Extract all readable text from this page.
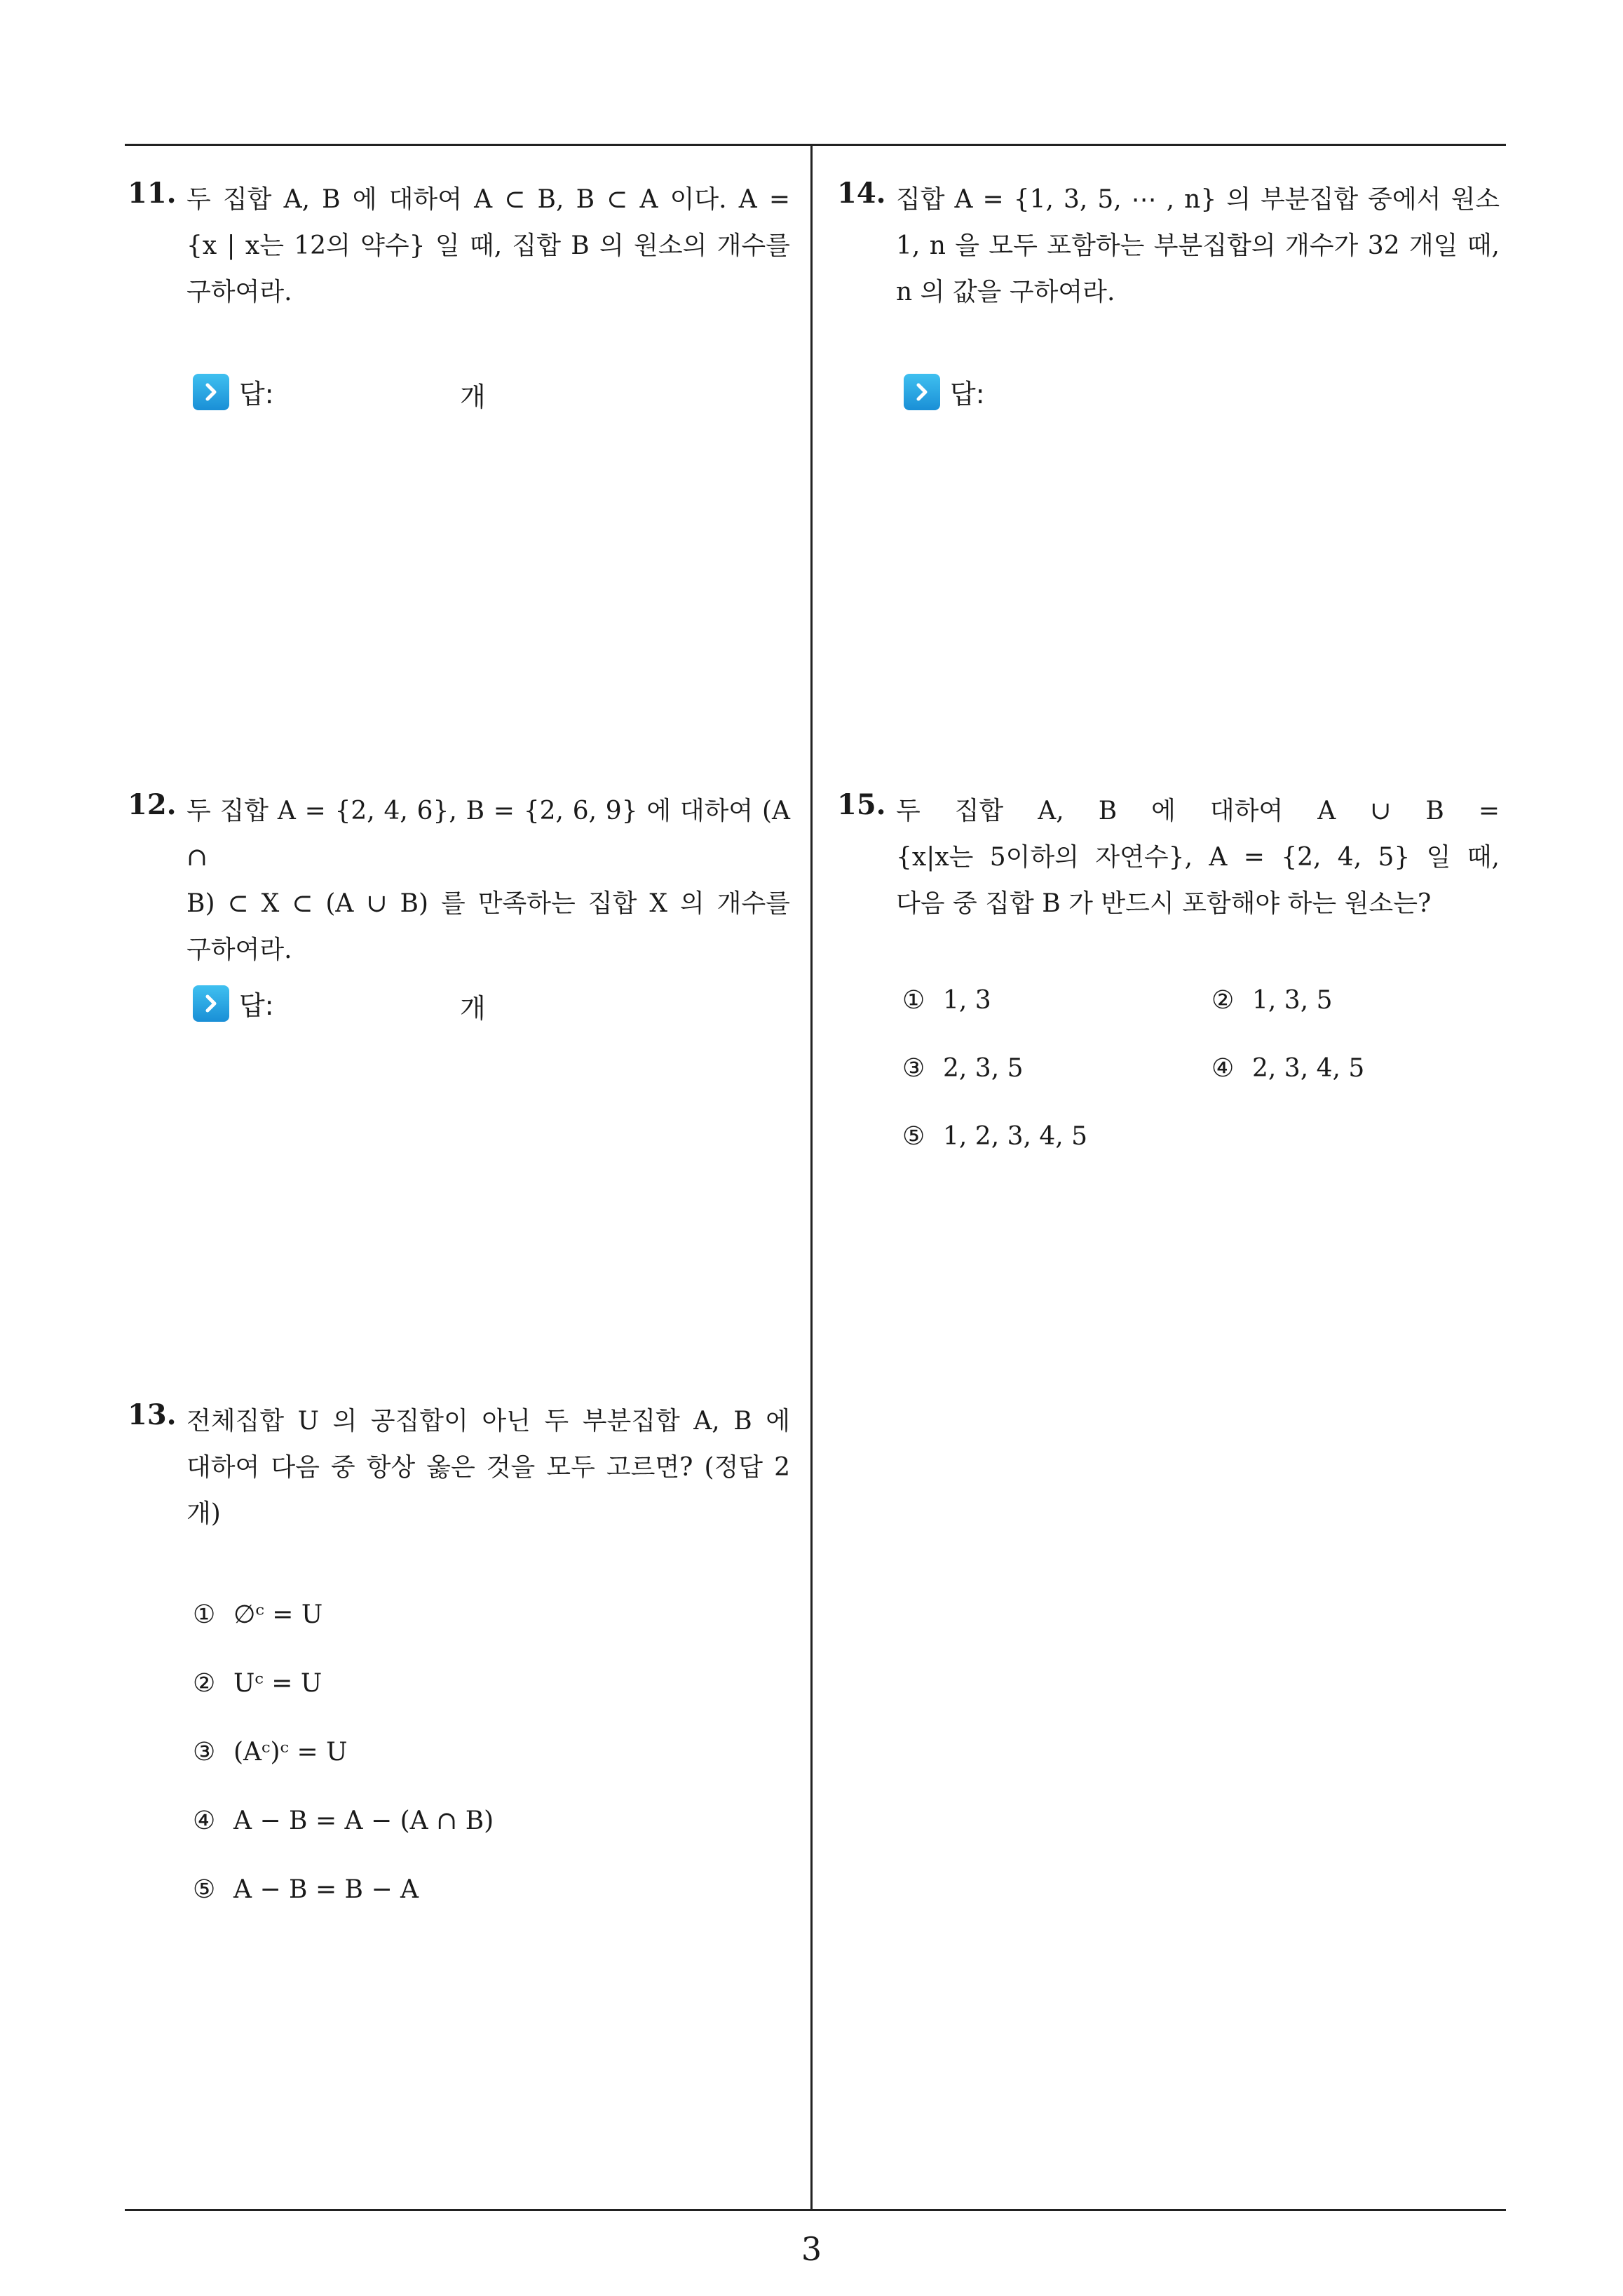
11. 두 집합 A, B 에 대하여 A ⊂ B, B ⊂ A 이다. A =
{x | x는 12의 약수} 일 때, 집합 B 의 원소의 개수를
구하여라.
답:	개
12. 두 집합 A = {2, 4, 6}, B = {2, 6, 9} 에 대하여 (A ∩
B) ⊂ X ⊂ (A ∪ B) 를 만족하는 집합 X 의 개수를
구하여라.
답:	개
13. 전체집합 U 의 공집합이 아닌 두 부분집합 A, B 에
대하여 다음 중 항상 옳은 것을 모두 고르면? (정답 2
개)
① ∅ᶜ = U
② Uᶜ = U
③ (Aᶜ)ᶜ = U
④ A − B = A − (A ∩ B)
⑤ A − B = B − A
14. 집합 A = {1, 3, 5, ⋯ , n} 의 부분집합 중에서 원소
1, n 을 모두 포함하는 부분집합의 개수가 32 개일 때,
n 의 값을 구하여라.
답:
15. 두 집합 A, B 에 대하여 A ∪ B =
{x|x는 5이하의 자연수}, A = {2, 4, 5} 일 때,
다음 중 집합 B 가 반드시 포함해야 하는 원소는?
① 1, 3	② 1, 3, 5
③ 2, 3, 5	④ 2, 3, 4, 5
⑤ 1, 2, 3, 4, 5
3
